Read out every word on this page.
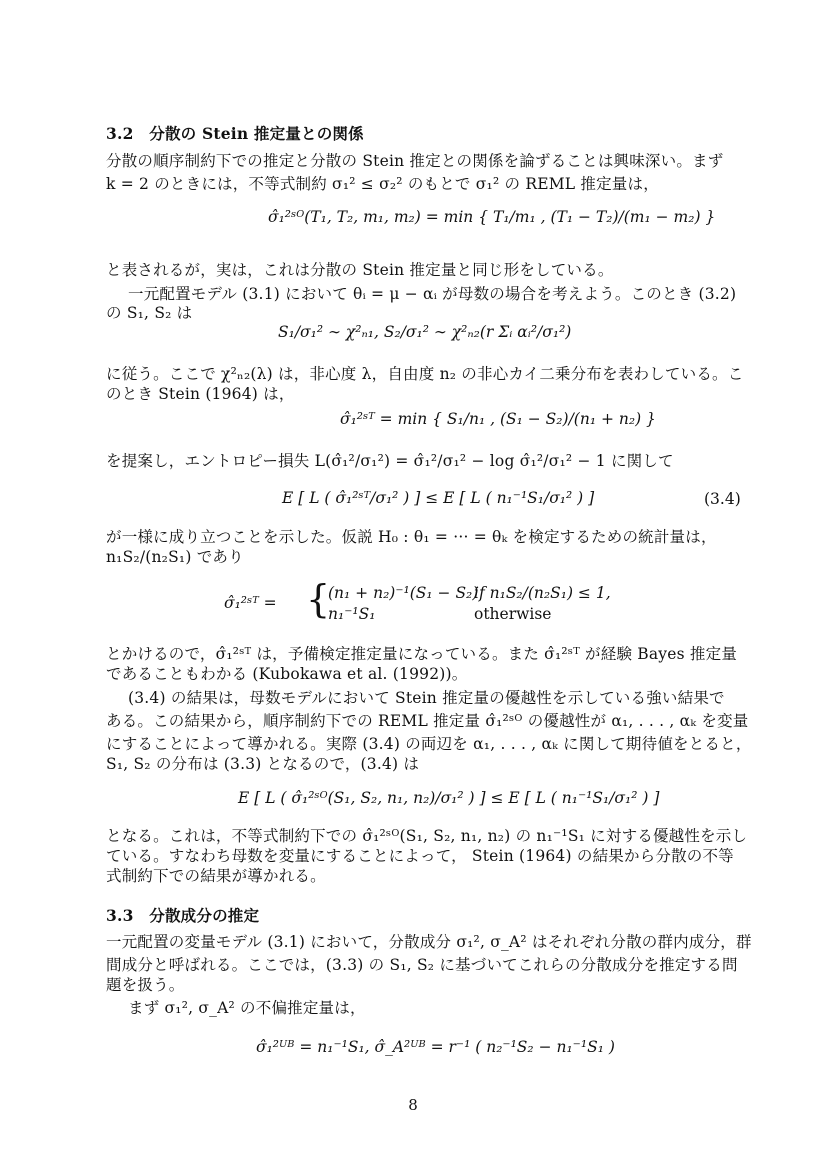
3.2　分散の Stein 推定量との関係
分散の順序制約下での推定と分散の Stein 推定との関係を論ずることは興味深い。まず
k = 2 のときには，不等式制約 σ₁² ≤ σ₂² のもとで σ₁² の REML 推定量は，
σ̂₁²ˢᴼ(T₁, T₂, m₁, m₂) = min { T₁/m₁ , (T₁ − T₂)/(m₁ − m₂) }
と表されるが，実は，これは分散の Stein 推定量と同じ形をしている。
一元配置モデル (3.1) において θᵢ = μ − αᵢ が母数の場合を考えよう。このとき (3.2)
の S₁, S₂ は
S₁/σ₁² ∼ χ²ₙ₁, S₂/σ₁² ∼ χ²ₙ₂(r Σᵢ αᵢ²/σ₁²)
に従う。ここで χ²ₙ₂(λ) は，非心度 λ，自由度 n₂ の非心カイ二乗分布を表わしている。こ
のとき Stein (1964) は，
σ̂₁²ˢᵀ = min { S₁/n₁ , (S₁ − S₂)/(n₁ + n₂) }
を提案し，エントロピー損失 L(σ̂₁²/σ₁²) = σ̂₁²/σ₁² − log σ̂₁²/σ₁² − 1 に関して
E [ L ( σ̂₁²ˢᵀ/σ₁² ) ] ≤ E [ L ( n₁⁻¹S₁/σ₁² ) ]	(3.4)
が一様に成り立つことを示した。仮説 H₀ : θ₁ = ··· = θₖ を検定するための統計量は，
n₁S₂/(n₂S₁) であり
σ̂₁²ˢᵀ = {
(n₁ + n₂)⁻¹(S₁ − S₂)
if n₁S₂/(n₂S₁) ≤ 1,
n₁⁻¹S₁	otherwise
とかけるので，σ̂₁²ˢᵀ は，予備検定推定量になっている。また σ̂₁²ˢᵀ が経験 Bayes 推定量
であることもわかる (Kubokawa et al. (1992))。
(3.4) の結果は，母数モデルにおいて Stein 推定量の優越性を示している強い結果で
ある。この結果から，順序制約下での REML 推定量 σ̂₁²ˢᴼ の優越性が α₁, . . . , αₖ を変量
にすることによって導かれる。実際 (3.4) の両辺を α₁, . . . , αₖ に関して期待値をとると，
S₁, S₂ の分布は (3.3) となるので，(3.4) は
E [ L ( σ̂₁²ˢᴼ(S₁, S₂, n₁, n₂)/σ₁² ) ] ≤ E [ L ( n₁⁻¹S₁/σ₁² ) ]
となる。これは，不等式制約下での σ̂₁²ˢᴼ(S₁, S₂, n₁, n₂) の n₁⁻¹S₁ に対する優越性を示し
ている。すなわち母数を変量にすることによって， Stein (1964) の結果から分散の不等
式制約下での結果が導かれる。
3.3　分散成分の推定
一元配置の変量モデル (3.1) において，分散成分 σ₁², σ_A² はそれぞれ分散の群内成分，群
間成分と呼ばれる。ここでは，(3.3) の S₁, S₂ に基づいてこれらの分散成分を推定する問
題を扱う。
まず σ₁², σ_A² の不偏推定量は，
σ̂₁²ᵁᴮ = n₁⁻¹S₁, σ̂_A²ᵁᴮ = r⁻¹ ( n₂⁻¹S₂ − n₁⁻¹S₁ )
8
